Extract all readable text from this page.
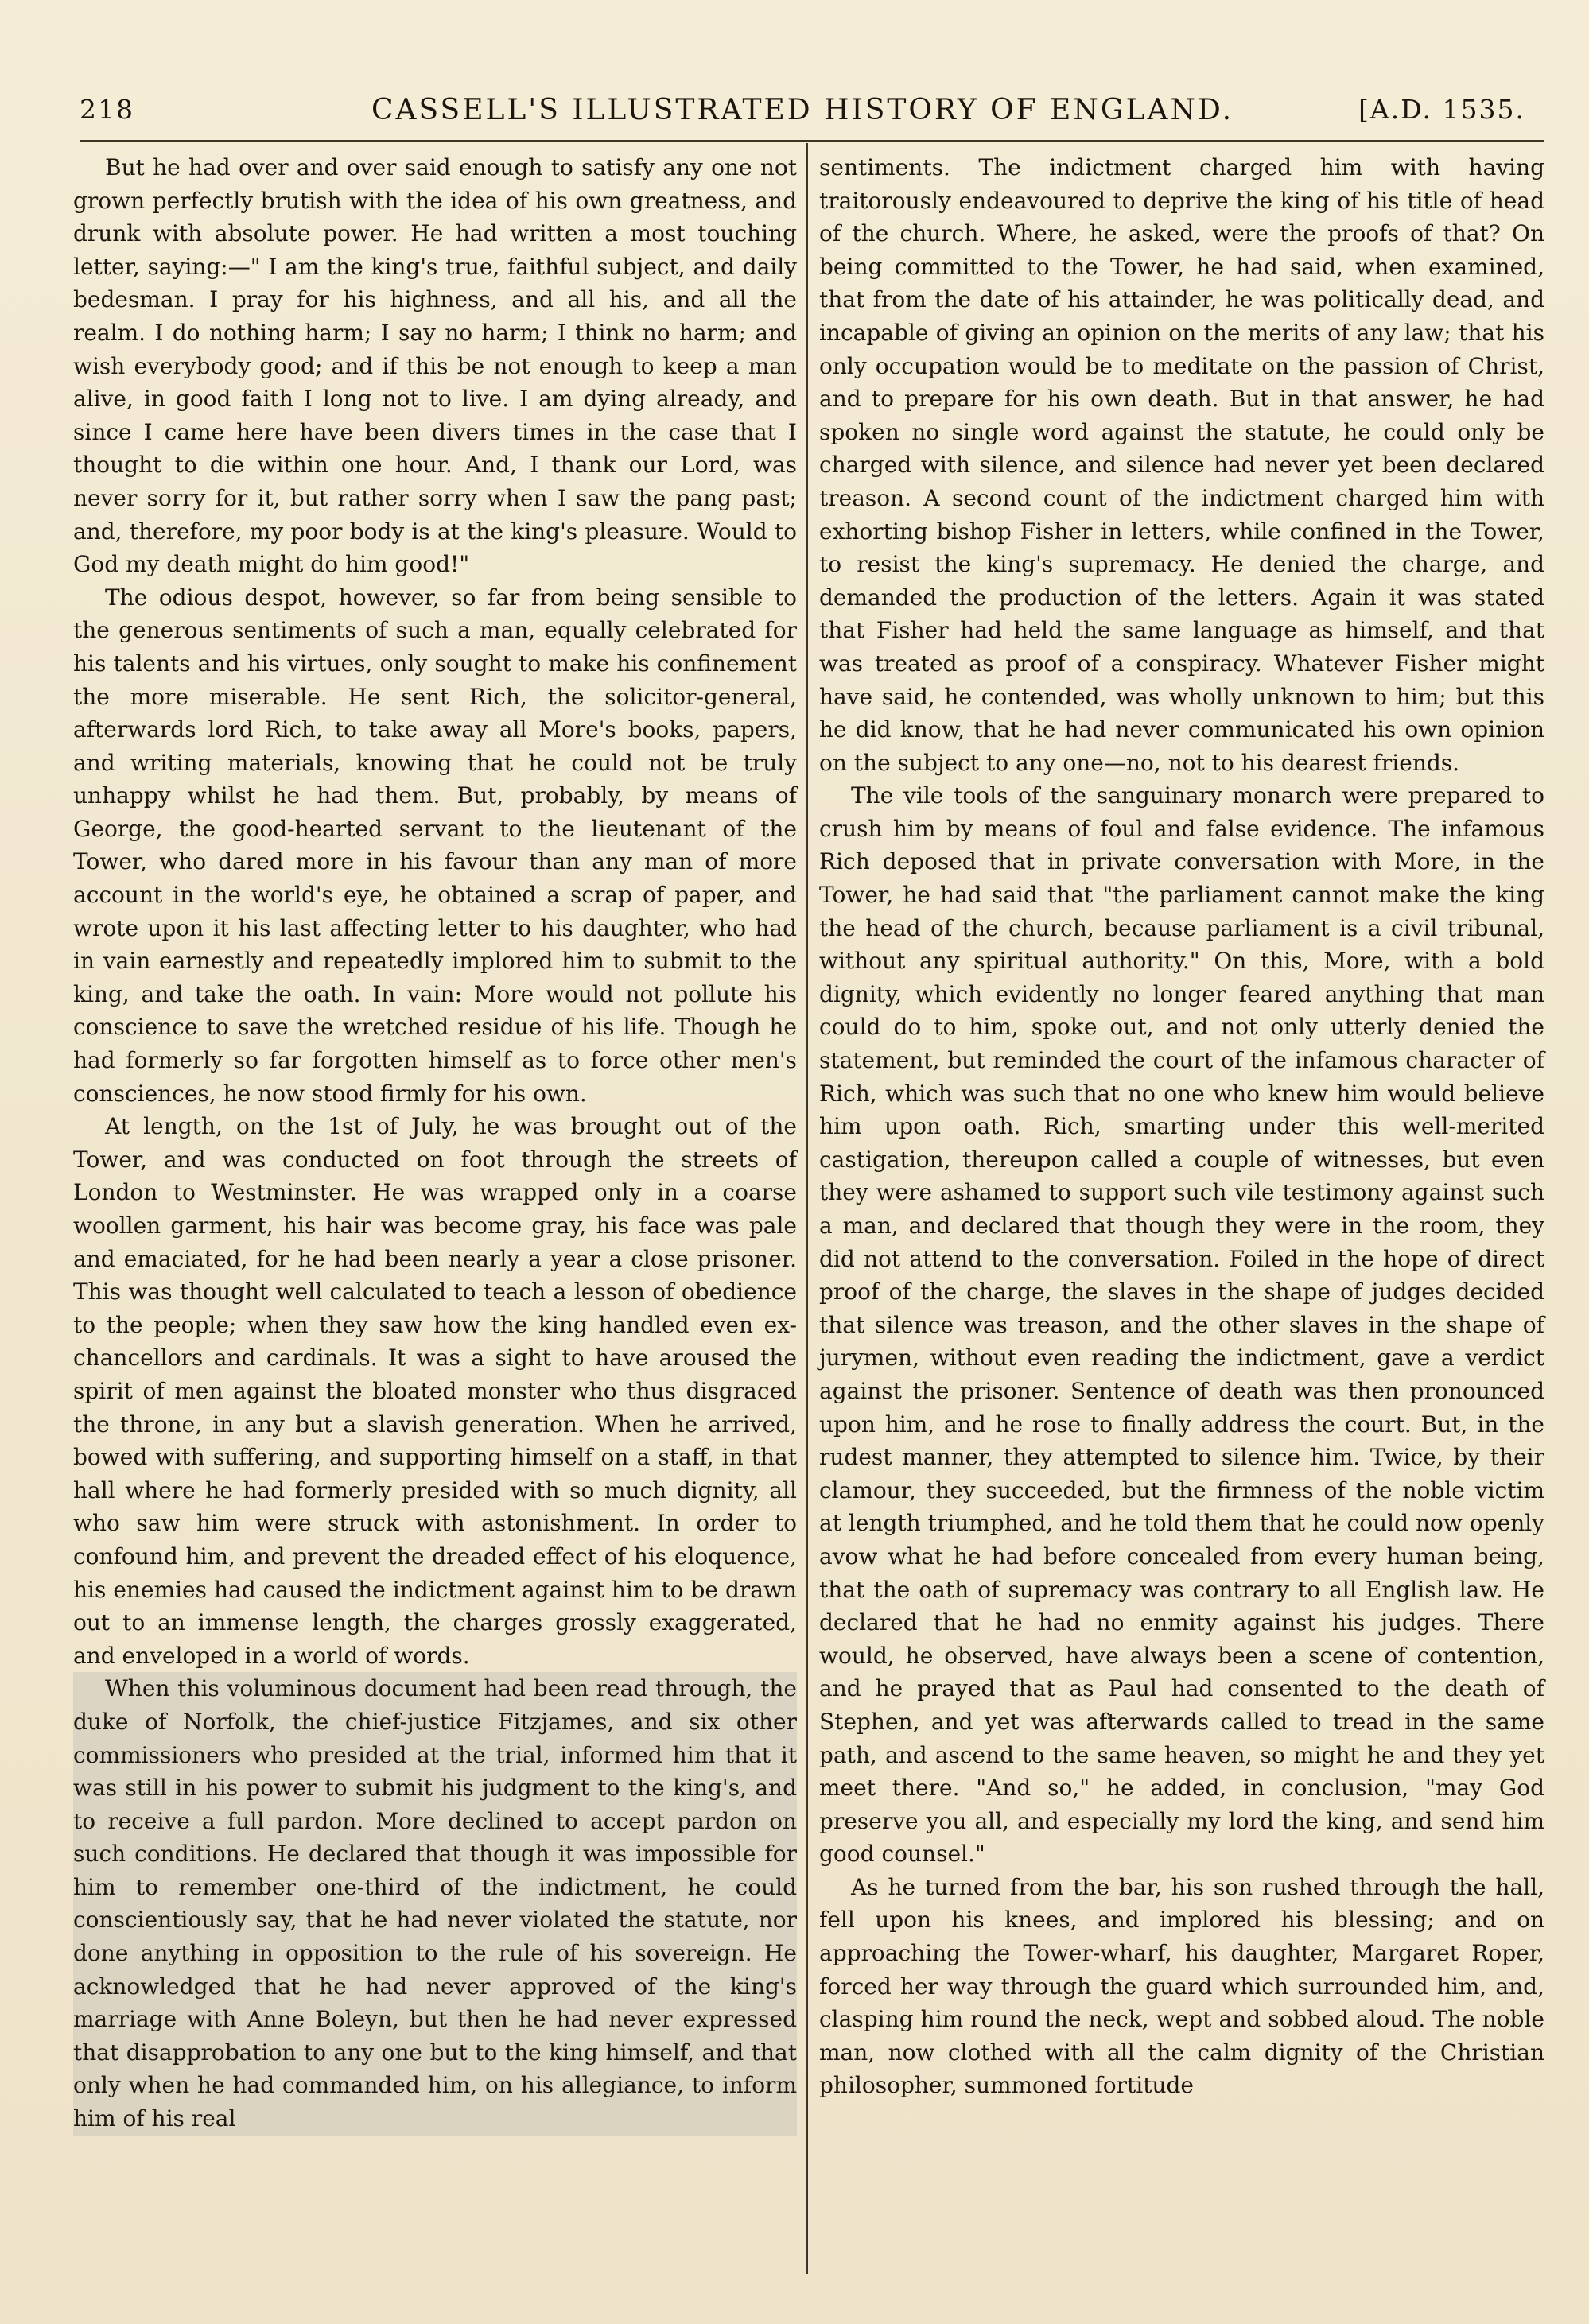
218	CASSELL'S ILLUSTRATED HISTORY OF ENGLAND.	[A.D. 1535.

But he had over and over said enough to satisfy any one not grown perfectly brutish with the idea of his own greatness, and drunk with absolute power. He had written a most touching letter, saying:—" I am the king's true, faithful subject, and daily bedesman. I pray for his highness, and all his, and all the realm. I do nothing harm; I say no harm; I think no harm; and wish everybody good; and if this be not enough to keep a man alive, in good faith I long not to live. I am dying already, and since I came here have been divers times in the case that I thought to die within one hour. And, I thank our Lord, was never sorry for it, but rather sorry when I saw the pang past; and, therefore, my poor body is at the king's pleasure. Would to God my death might do him good!"

The odious despot, however, so far from being sensible to the generous sentiments of such a man, equally celebrated for his talents and his virtues, only sought to make his confinement the more miserable. He sent Rich, the solicitor-general, afterwards lord Rich, to take away all More's books, papers, and writing materials, knowing that he could not be truly unhappy whilst he had them. But, probably, by means of George, the good-hearted servant to the lieutenant of the Tower, who dared more in his favour than any man of more account in the world's eye, he obtained a scrap of paper, and wrote upon it his last affecting letter to his daughter, who had in vain earnestly and repeatedly implored him to submit to the king, and take the oath. In vain: More would not pollute his conscience to save the wretched residue of his life. Though he had formerly so far forgotten himself as to force other men's consciences, he now stood firmly for his own.

At length, on the 1st of July, he was brought out of the Tower, and was conducted on foot through the streets of London to Westminster. He was wrapped only in a coarse woollen garment, his hair was become gray, his face was pale and emaciated, for he had been nearly a year a close prisoner. This was thought well calculated to teach a lesson of obedience to the people; when they saw how the king handled even ex-chancellors and cardinals. It was a sight to have aroused the spirit of men against the bloated monster who thus disgraced the throne, in any but a slavish generation. When he arrived, bowed with suffering, and supporting himself on a staff, in that hall where he had formerly presided with so much dignity, all who saw him were struck with astonishment. In order to confound him, and prevent the dreaded effect of his eloquence, his enemies had caused the indictment against him to be drawn out to an immense length, the charges grossly exaggerated, and enveloped in a world of words.

When this voluminous document had been read through, the duke of Norfolk, the chief-justice Fitzjames, and six other commissioners who presided at the trial, informed him that it was still in his power to submit his judgment to the king's, and to receive a full pardon. More declined to accept pardon on such conditions. He declared that though it was impossible for him to remember one-third of the indictment, he could conscientiously say, that he had never violated the statute, nor done anything in opposition to the rule of his sovereign. He acknowledged that he had never approved of the king's marriage with Anne Boleyn, but then he had never expressed that disapprobation to any one but to the king himself, and that only when he had commanded him, on his allegiance, to inform him of his real

sentiments. The indictment charged him with having traitorously endeavoured to deprive the king of his title of head of the church. Where, he asked, were the proofs of that? On being committed to the Tower, he had said, when examined, that from the date of his attainder, he was politically dead, and incapable of giving an opinion on the merits of any law; that his only occupation would be to meditate on the passion of Christ, and to prepare for his own death. But in that answer, he had spoken no single word against the statute, he could only be charged with silence, and silence had never yet been declared treason. A second count of the indictment charged him with exhorting bishop Fisher in letters, while confined in the Tower, to resist the king's supremacy. He denied the charge, and demanded the production of the letters. Again it was stated that Fisher had held the same language as himself, and that was treated as proof of a conspiracy. Whatever Fisher might have said, he contended, was wholly unknown to him; but this he did know, that he had never communicated his own opinion on the subject to any one—no, not to his dearest friends.

The vile tools of the sanguinary monarch were prepared to crush him by means of foul and false evidence. The infamous Rich deposed that in private conversation with More, in the Tower, he had said that "the parliament cannot make the king the head of the church, because parliament is a civil tribunal, without any spiritual authority." On this, More, with a bold dignity, which evidently no longer feared anything that man could do to him, spoke out, and not only utterly denied the statement, but reminded the court of the infamous character of Rich, which was such that no one who knew him would believe him upon oath. Rich, smarting under this well-merited castigation, thereupon called a couple of witnesses, but even they were ashamed to support such vile testimony against such a man, and declared that though they were in the room, they did not attend to the conversation. Foiled in the hope of direct proof of the charge, the slaves in the shape of judges decided that silence was treason, and the other slaves in the shape of jurymen, without even reading the indictment, gave a verdict against the prisoner. Sentence of death was then pronounced upon him, and he rose to finally address the court. But, in the rudest manner, they attempted to silence him. Twice, by their clamour, they succeeded, but the firmness of the noble victim at length triumphed, and he told them that he could now openly avow what he had before concealed from every human being, that the oath of supremacy was contrary to all English law. He declared that he had no enmity against his judges. There would, he observed, have always been a scene of contention, and he prayed that as Paul had consented to the death of Stephen, and yet was afterwards called to tread in the same path, and ascend to the same heaven, so might he and they yet meet there. "And so," he added, in conclusion, "may God preserve you all, and especially my lord the king, and send him good counsel."

As he turned from the bar, his son rushed through the hall, fell upon his knees, and implored his blessing; and on approaching the Tower-wharf, his daughter, Margaret Roper, forced her way through the guard which surrounded him, and, clasping him round the neck, wept and sobbed aloud. The noble man, now clothed with all the calm dignity of the Christian philosopher, summoned fortitude
